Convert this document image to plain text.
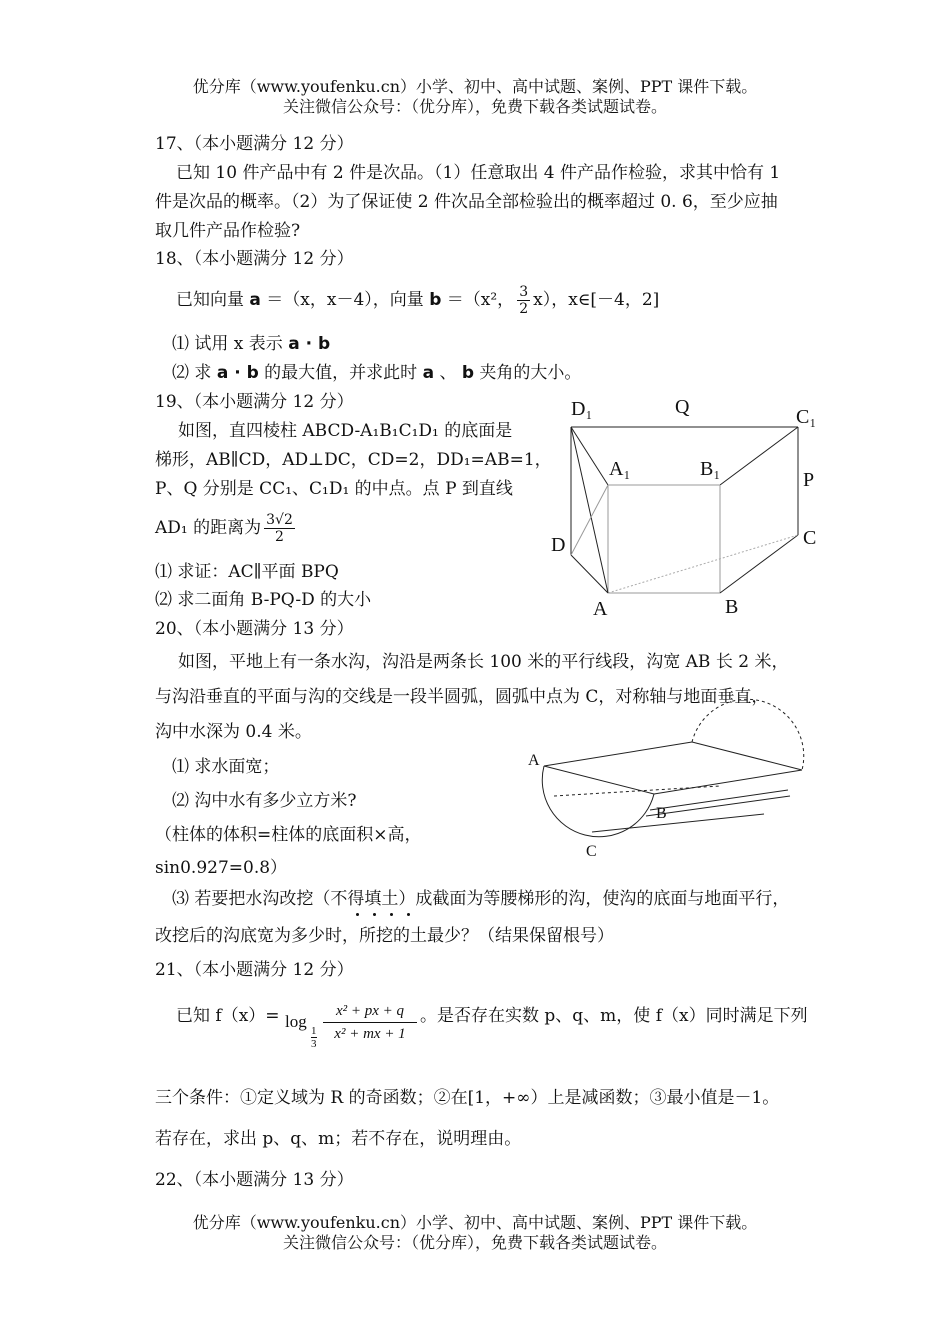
优分库（www.youfenku.cn）小学、初中、高中试题、案例、PPT 课件下载。
关注微信公众号：（优分库），免费下载各类试题试卷。
17、（本小题满分 12 分）
已知 10 件产品中有 2 件是次品。（1）任意取出 4 件产品作检验，求其中恰有 1
件是次品的概率。（2）为了保证使 2 件次品全部检验出的概率超过 0. 6，至少应抽
取几件产品作检验?
18、（本小题满分 12 分）
已知向量 a ＝（x，x－4），向量 b ＝（x²， $\frac{3}{2} x$），x∈[－4，2]
⑴ 试用 x 表示 a · b
⑵ 求 a · b 的最大值，并求此时 a 、 b 夹角的大小。
19、（本小题满分 12 分）
如图，直四棱柱 ABCD-A₁B₁C₁D₁ 的底面是
梯形，AB∥CD，AD⊥DC，CD=2，DD₁=AB=1，
P、Q 分别是 CC₁、C₁D₁ 的中点。点 P 到直线
AD₁ 的距离为 $\frac{3√2}{2}$
⑴ 求证：AC∥平面 BPQ
⑵ 求二面角 B-PQ-D 的大小
D₁	Q	C₁
A₁	B₁	P
D	C
A	B
20、（本小题满分 13 分）
如图，平地上有一条水沟，沟沿是两条长 100 米的平行线段，沟宽 AB 长 2 米，
与沟沿垂直的平面与沟的交线是一段半圆弧，圆弧中点为 C，对称轴与地面垂直，
沟中水深为 0.4 米。
⑴ 求水面宽；
⑵ 沟中水有多少立方米?
（柱体的体积=柱体的底面积×高，
sin0.927=0.8）
⑶ 若要把水沟改挖（不得填土）成截面为等腰梯形的沟，使沟的底面与地面平行，
改挖后的沟底宽为多少时，所挖的土最少？（结果保留根号）
A
B
C
21、（本小题满分 12 分）
已知 f（x）= log
$\frac{1}{3} \frac{\text{x² + px + q}}{\text{x² + mx + 1}}$ 。是否存在实数 p、q、m，使 f（x）同时满足下列
三个条件：①定义域为 R 的奇函数；②在[1，+∞）上是减函数；③最小值是－1。
若存在，求出 p、q、m；若不存在，说明理由。
22、（本小题满分 13 分）
优分库（www.youfenku.cn）小学、初中、高中试题、案例、PPT 课件下载。
关注微信公众号：（优分库），免费下载各类试题试卷。
